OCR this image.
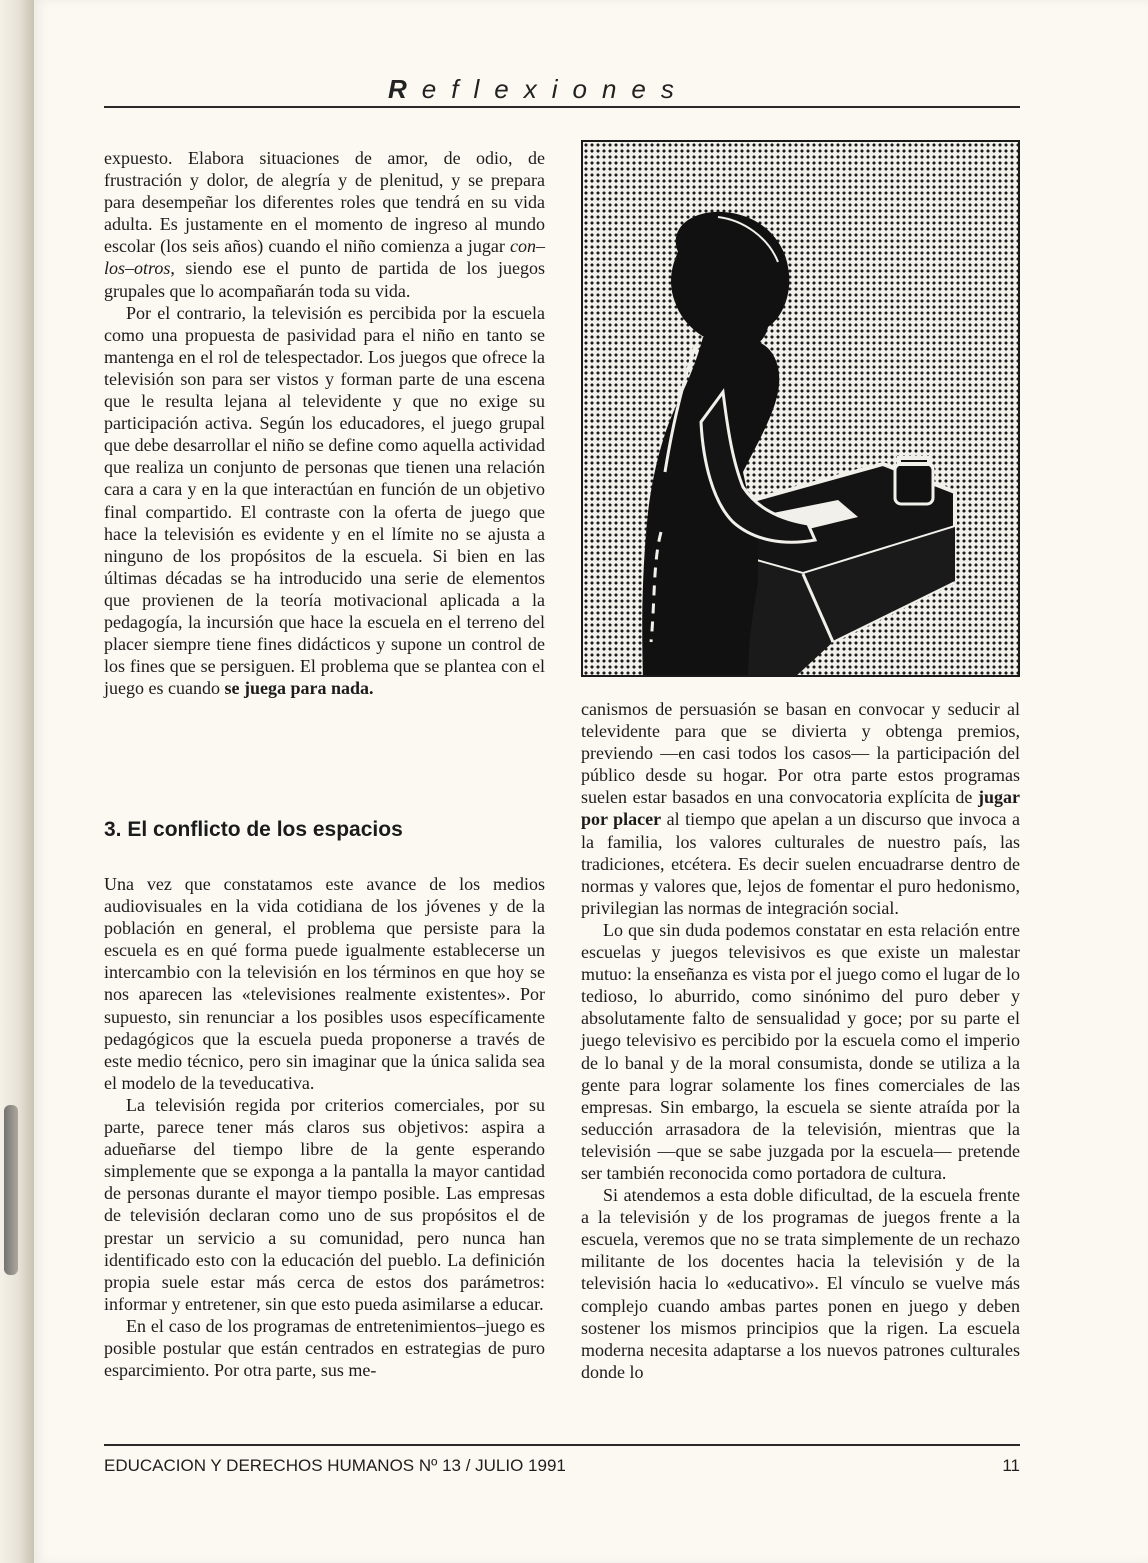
Reflexiones

expuesto. Elabora situaciones de amor, de odio, de frustración y dolor, de alegría y de plenitud, y se prepara para desempeñar los diferentes roles que tendrá en su vida adulta. Es justamente en el momento de ingreso al mundo escolar (los seis años) cuando el niño comienza a jugar con–los–otros, siendo ese el punto de partida de los juegos grupales que lo acompañarán toda su vida.

Por el contrario, la televisión es percibida por la escuela como una propuesta de pasividad para el niño en tanto se mantenga en el rol de telespectador. Los juegos que ofrece la televisión son para ser vistos y forman parte de una escena que le resulta lejana al televidente y que no exige su participación activa. Según los educadores, el juego grupal que debe desarrollar el niño se define como aquella actividad que realiza un conjunto de personas que tienen una relación cara a cara y en la que interactúan en función de un objetivo final compartido. El contraste con la oferta de juego que hace la televisión es evidente y en el límite no se ajusta a ninguno de los propósitos de la escuela. Si bien en las últimas décadas se ha introducido una serie de elementos que provienen de la teoría motivacional aplicada a la pedagogía, la incursión que hace la escuela en el terreno del placer siempre tiene fines didácticos y supone un control de los fines que se persiguen. El problema que se plantea con el juego es cuando se juega para nada.

3. El conflicto de los espacios

Una vez que constatamos este avance de los medios audiovisuales en la vida cotidiana de los jóvenes y de la población en general, el problema que persiste para la escuela es en qué forma puede igualmente establecerse un intercambio con la televisión en los términos en que hoy se nos aparecen las «televisiones realmente existentes». Por supuesto, sin renunciar a los posibles usos específicamente pedagógicos que la escuela pueda proponerse a través de este medio técnico, pero sin imaginar que la única salida sea el modelo de la teveducativa.

La televisión regida por criterios comerciales, por su parte, parece tener más claros sus objetivos: aspira a adueñarse del tiempo libre de la gente esperando simplemente que se exponga a la pantalla la mayor cantidad de personas durante el mayor tiempo posible. Las empresas de televisión declaran como uno de sus propósitos el de prestar un servicio a su comunidad, pero nunca han identificado esto con la educación del pueblo. La definición propia suele estar más cerca de estos dos parámetros: informar y entretener, sin que esto pueda asimilarse a educar.

En el caso de los programas de entretenimientos–juego es posible postular que están centrados en estrategias de puro esparcimiento. Por otra parte, sus me-

canismos de persuasión se basan en convocar y seducir al televidente para que se divierta y obtenga premios, previendo —en casi todos los casos— la participación del público desde su hogar. Por otra parte estos programas suelen estar basados en una convocatoria explícita de jugar por placer al tiempo que apelan a un discurso que invoca a la familia, los valores culturales de nuestro país, las tradiciones, etcétera. Es decir suelen encuadrarse dentro de normas y valores que, lejos de fomentar el puro hedonismo, privilegian las normas de integración social.

Lo que sin duda podemos constatar en esta relación entre escuelas y juegos televisivos es que existe un malestar mutuo: la enseñanza es vista por el juego como el lugar de lo tedioso, lo aburrido, como sinónimo del puro deber y absolutamente falto de sensualidad y goce; por su parte el juego televisivo es percibido por la escuela como el imperio de lo banal y de la moral consumista, donde se utiliza a la gente para lograr solamente los fines comerciales de las empresas. Sin embargo, la escuela se siente atraída por la seducción arrasadora de la televisión, mientras que la televisión —que se sabe juzgada por la escuela— pretende ser también reconocida como portadora de cultura.

Si atendemos a esta doble dificultad, de la escuela frente a la televisión y de los programas de juegos frente a la escuela, veremos que no se trata simplemente de un rechazo militante de los docentes hacia la televisión y de la televisión hacia lo «educativo». El vínculo se vuelve más complejo cuando ambas partes ponen en juego y deben sostener los mismos principios que la rigen. La escuela moderna necesita adaptarse a los nuevos patrones culturales donde lo

EDUCACION Y DERECHOS HUMANOS Nº 13 / JULIO 1991	11
